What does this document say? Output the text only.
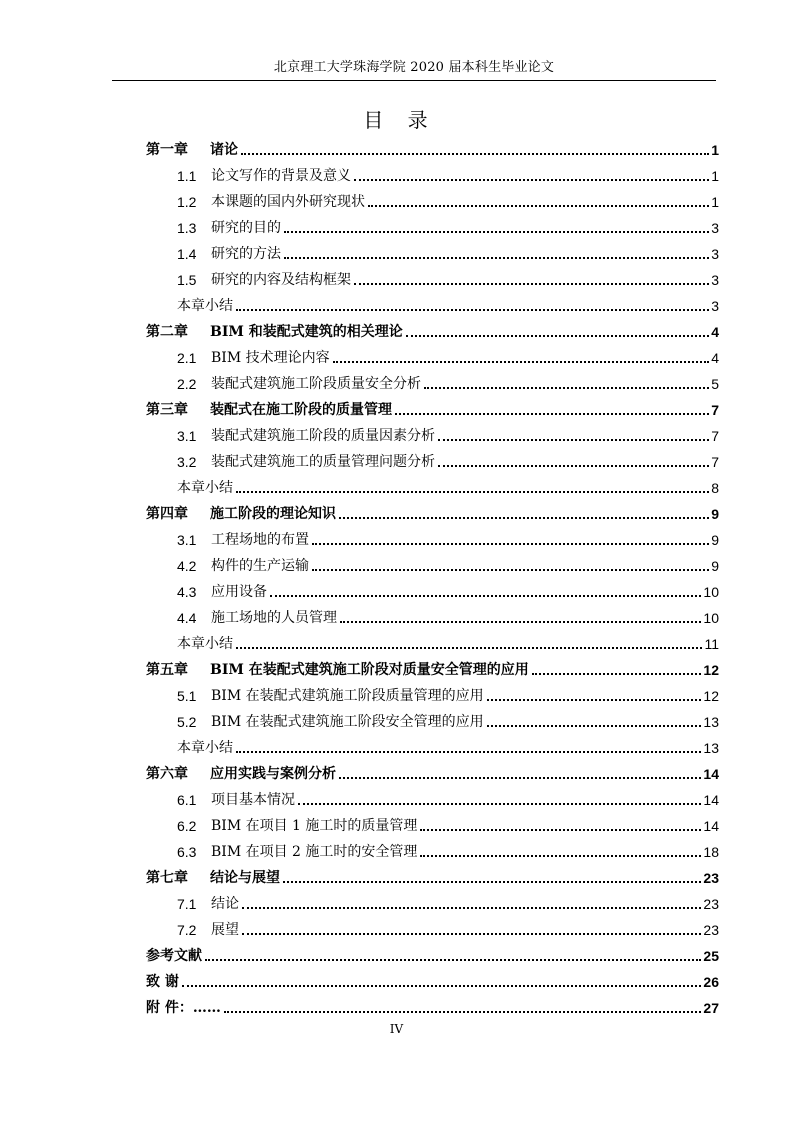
北京理工大学珠海学院 2020 届本科生毕业论文
目 录
第一章	诸论	1
1.1	论文写作的背景及意义	1
1.2	本课题的国内外研究现状	1
1.3	研究的目的	3
1.4	研究的方法	3
1.5	研究的内容及结构框架	3
本章小结	3
第二章	BIM 和装配式建筑的相关理论	4
2.1	BIM 技术理论内容	4
2.2	装配式建筑施工阶段质量安全分析	5
第三章	装配式在施工阶段的质量管理	7
3.1	装配式建筑施工阶段的质量因素分析	7
3.2	装配式建筑施工的质量管理问题分析	7
本章小结	8
第四章	施工阶段的理论知识	9
3.1	工程场地的布置	9
4.2	构件的生产运输	9
4.3	应用设备	10
4.4	施工场地的人员管理	10
本章小结	11
第五章	BIM 在装配式建筑施工阶段对质量安全管理的应用	12
5.1	BIM 在装配式建筑施工阶段质量管理的应用	12
5.2	BIM 在装配式建筑施工阶段安全管理的应用	13
本章小结	13
第六章	应用实践与案例分析	14
6.1	项目基本情况	14
6.2	BIM 在项目 1 施工时的质量管理	14
6.3	BIM 在项目 2 施工时的安全管理	18
第七章	结论与展望	23
7.1	结论	23
7.2	展望	23
参考文献	25
致 谢	26
附 件：……	27
IV
